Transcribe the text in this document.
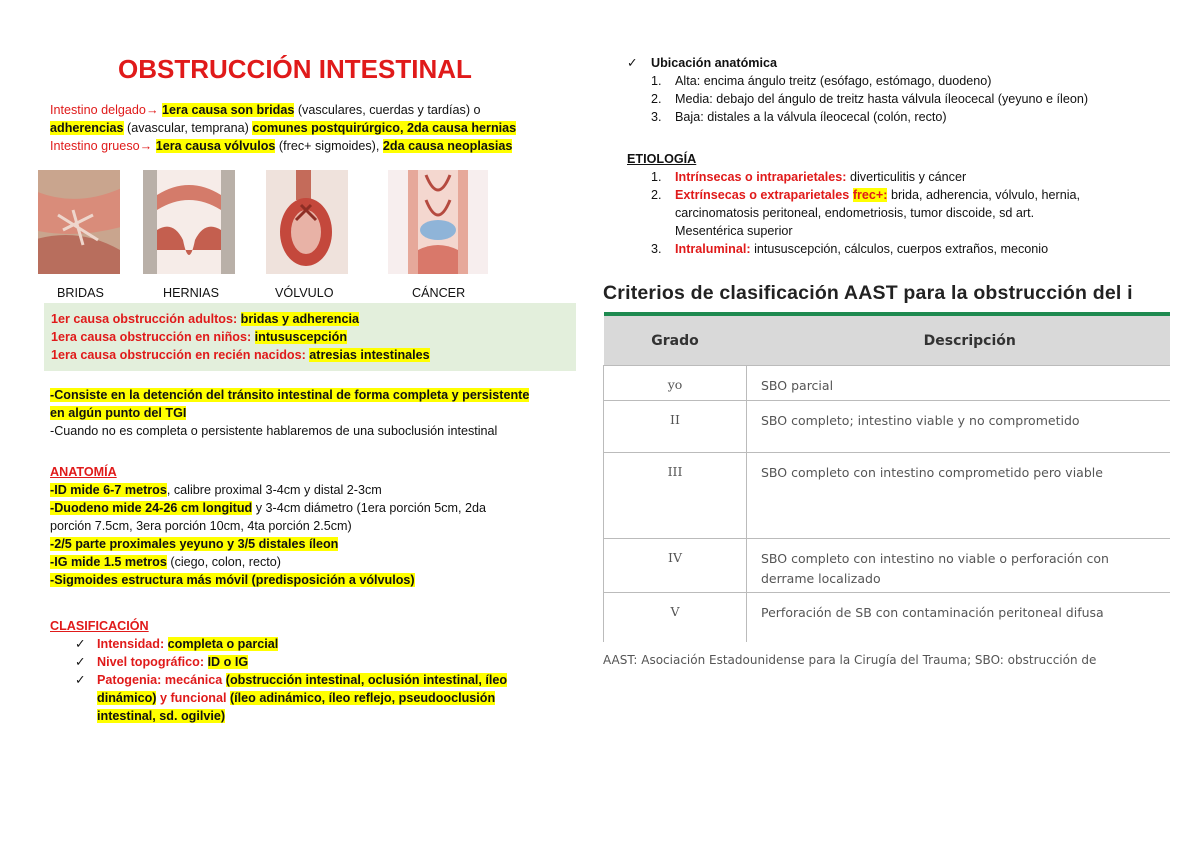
OBSTRUCCIÓN INTESTINAL
Intestino delgado→ 1era causa son bridas (vasculares, cuerdas y tardías) o
adherencias (avascular, temprana) comunes postquirúrgico, 2da causa hernias
Intestino grueso→ 1era causa vólvulos (frec+ sigmoides), 2da causa neoplasias
BRIDAS	HERNIAS	VÓLVULO	CÁNCER
1er causa obstrucción adultos: bridas y adherencia
1era causa obstrucción en niños: intususcepción
1era causa obstrucción en recién nacidos: atresias intestinales
-Consiste en la detención del tránsito intestinal de forma completa y persistente
en algún punto del TGI
-Cuando no es completa o persistente hablaremos de una suboclusión intestinal
ANATOMÍA
-ID mide 6-7 metros, calibre proximal 3-4cm y distal 2-3cm
-Duodeno mide 24-26 cm longitud y 3-4cm diámetro (1era porción 5cm, 2da
porción 7.5cm, 3era porción 10cm, 4ta porción 2.5cm)
-2/5 parte proximales yeyuno y 3/5 distales íleon
-IG mide 1.5 metros (ciego, colon, recto)
-Sigmoides estructura más móvil (predisposición a vólvulos)
CLASIFICACIÓN
✓ Intensidad: completa o parcial
✓ Nivel topográfico: ID o IG
✓ Patogenia: mecánica (obstrucción intestinal, oclusión intestinal, íleo
dinámico) y funcional (íleo adinámico, íleo reflejo, pseudooclusión
intestinal, sd. ogilvie)
✓ Ubicación anatómica
1. Alta: encima ángulo treitz (esófago, estómago, duodeno)
2. Media: debajo del ángulo de treitz hasta válvula íleocecal (yeyuno e íleon)
3. Baja: distales a la válvula íleocecal (colón, recto)
ETIOLOGÍA
1. Intrínsecas o intraparietales: diverticulitis y cáncer
2. Extrínsecas o extraparietales frec+: brida, adherencia, vólvulo, hernia,
carcinomatosis peritoneal, endometriosis, tumor discoide, sd art.
Mesentérica superior
3. Intraluminal: intususcepción, cálculos, cuerpos extraños, meconio
Criterios de clasificación AAST para la obstrucción del i
Grado	Descripción
yo	SBO parcial

II	SBO completo; intestino viable y no comprometido

III	SBO completo con intestino comprometido pero viable

IV	SBO completo con intestino no viable o perforación con
derrame localizado

V	Perforación de SB con contaminación peritoneal difusa
AAST: Asociación Estadounidense para la Cirugía del Trauma; SBO: obstrucción de
